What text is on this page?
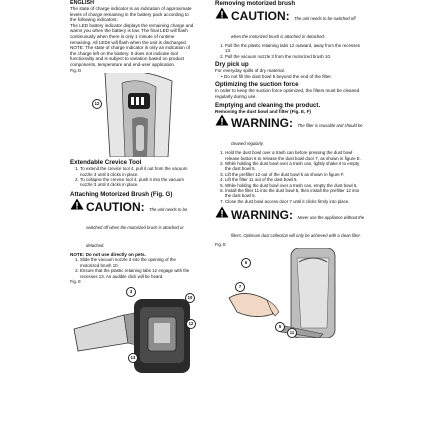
ENGLISH

The state of charge indicator is an indication of approximate levels of charge remaining in the battery pack according to the following indicators:

The LED battery indicator displays the remaining charge and warns you when the battery is low. The final LED will flash continuously when there is only 1 minute of runtime remaining. All LEDs will flash when the unit is discharged.

NOTE: The state of charge indicator is only an indication of the charge left on the battery. It does not indicate tool functionality and is subject to variation based on product components, temperature and end-user application.

Fig. D

12

Extendable Crevice Tool

1. To extend the crevice tool 4, pull it out from the vacuum nozzle 3 until it clicks in place.
2. To collapse the crevice tool 4, push it into the vacuum nozzle 3 until it clicks in place.

Attaching Motorized Brush (Fig. G)

CAUTION: The unit needs to be switched off when the motorized brush is attached or detached.

NOTE: Do not use directly on pets.

1. Slide the vacuum nozzle 3 into the opening of the motorized brush 10.
2. Ensure that the plastic retaining tabs 12 engage with the recesses 13. An audible click will be heard.

Fig. E

3
13
10
12

Removing motorized brush

CAUTION: The unit needs to be switched off when the motorized brush is attached or detached.
1. Pull the the plastic retaining tabs 12 outward, away from the recesses 13.
2. Pull the vacuum nozzle 3 from the motorized brush 10.

Dry pick up

For everyday spills of dry material.

• Do not fill the dust bowl 5 beyond the end of the filter.

Optimizing the suction force

In order to keep the suction force optimized, the filters must be cleaned regularly during use.

Emptying and cleaning the product.

Removing the dust bowl and filter (Fig. E, F)

WARNING: The filter is reusable and should be cleaned regularly.
1. Hold the dust bowl over a trash can before pressing the dust bowl release button 6 to release the dust bowl door 7, as shown in figure E.
2. While holding the dust bowl over a trash can, lightly shake it to empty the dust bowl 5.
3. Lift the prefilter 12 out of the dust bowl 5 as shown in figure F.
4. Lift the filter 11 out of the dust bowl 5.
5. While holding the dust bowl over a trash can, empty the dust bowl 5.
6. Install the filter 11 into the dust bowl 5, then install the prefilter 12 into the dust bowl 5.
7. Close the dust bowl access door 7 until it clicks firmly into place.
WARNING: Never use the appliance without the filters. Optimum dust collection will only be achieved with a clean filter.

Fig. E

6
7
5
11
